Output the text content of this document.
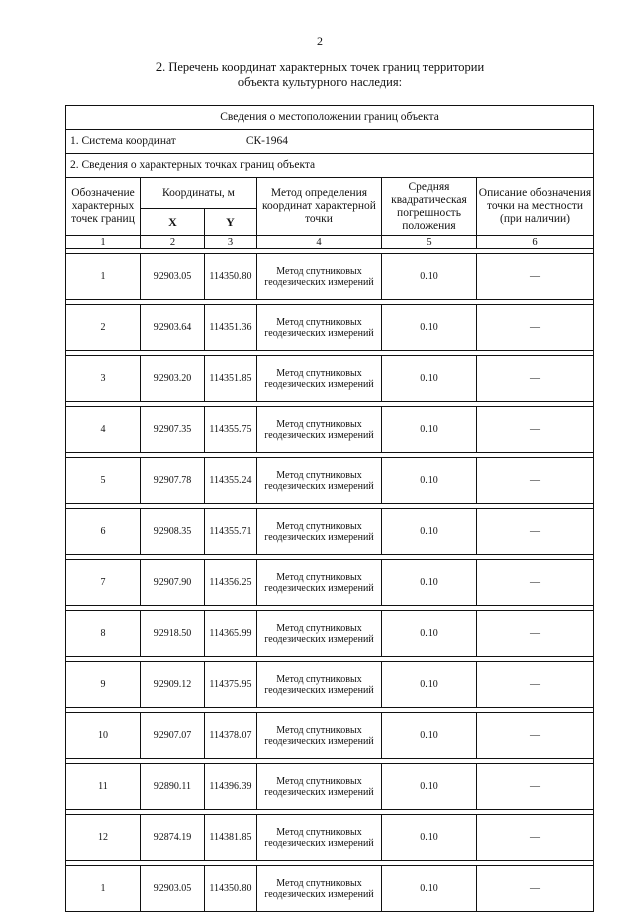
2
2. Перечень координат характерных точек границ территории
объекта культурного наследия:
Сведения о местоположении границ объекта					
1. Система координат СК-1964					
2. Сведения о характерных точках границ объекта					
Обозначение характерных точек границ	Координаты, м		Метод определения координат характерной точки	Средняя квадратическая погрешность положения	Описание обозначения точки на местности (при наличии)
	X	Y			
1	2	3	4	5	6

1	92903.05	114350.80	Метод спутниковых геодезических измерений	0.10	—

2	92903.64	114351.36	Метод спутниковых геодезических измерений	0.10	—

3	92903.20	114351.85	Метод спутниковых геодезических измерений	0.10	—

4	92907.35	114355.75	Метод спутниковых геодезических измерений	0.10	—

5	92907.78	114355.24	Метод спутниковых геодезических измерений	0.10	—

6	92908.35	114355.71	Метод спутниковых геодезических измерений	0.10	—

7	92907.90	114356.25	Метод спутниковых геодезических измерений	0.10	—

8	92918.50	114365.99	Метод спутниковых геодезических измерений	0.10	—

9	92909.12	114375.95	Метод спутниковых геодезических измерений	0.10	—

10	92907.07	114378.07	Метод спутниковых геодезических измерений	0.10	—

11	92890.11	114396.39	Метод спутниковых геодезических измерений	0.10	—

12	92874.19	114381.85	Метод спутниковых геодезических измерений	0.10	—

1	92903.05	114350.80	Метод спутниковых геодезических измерений	0.10	—
